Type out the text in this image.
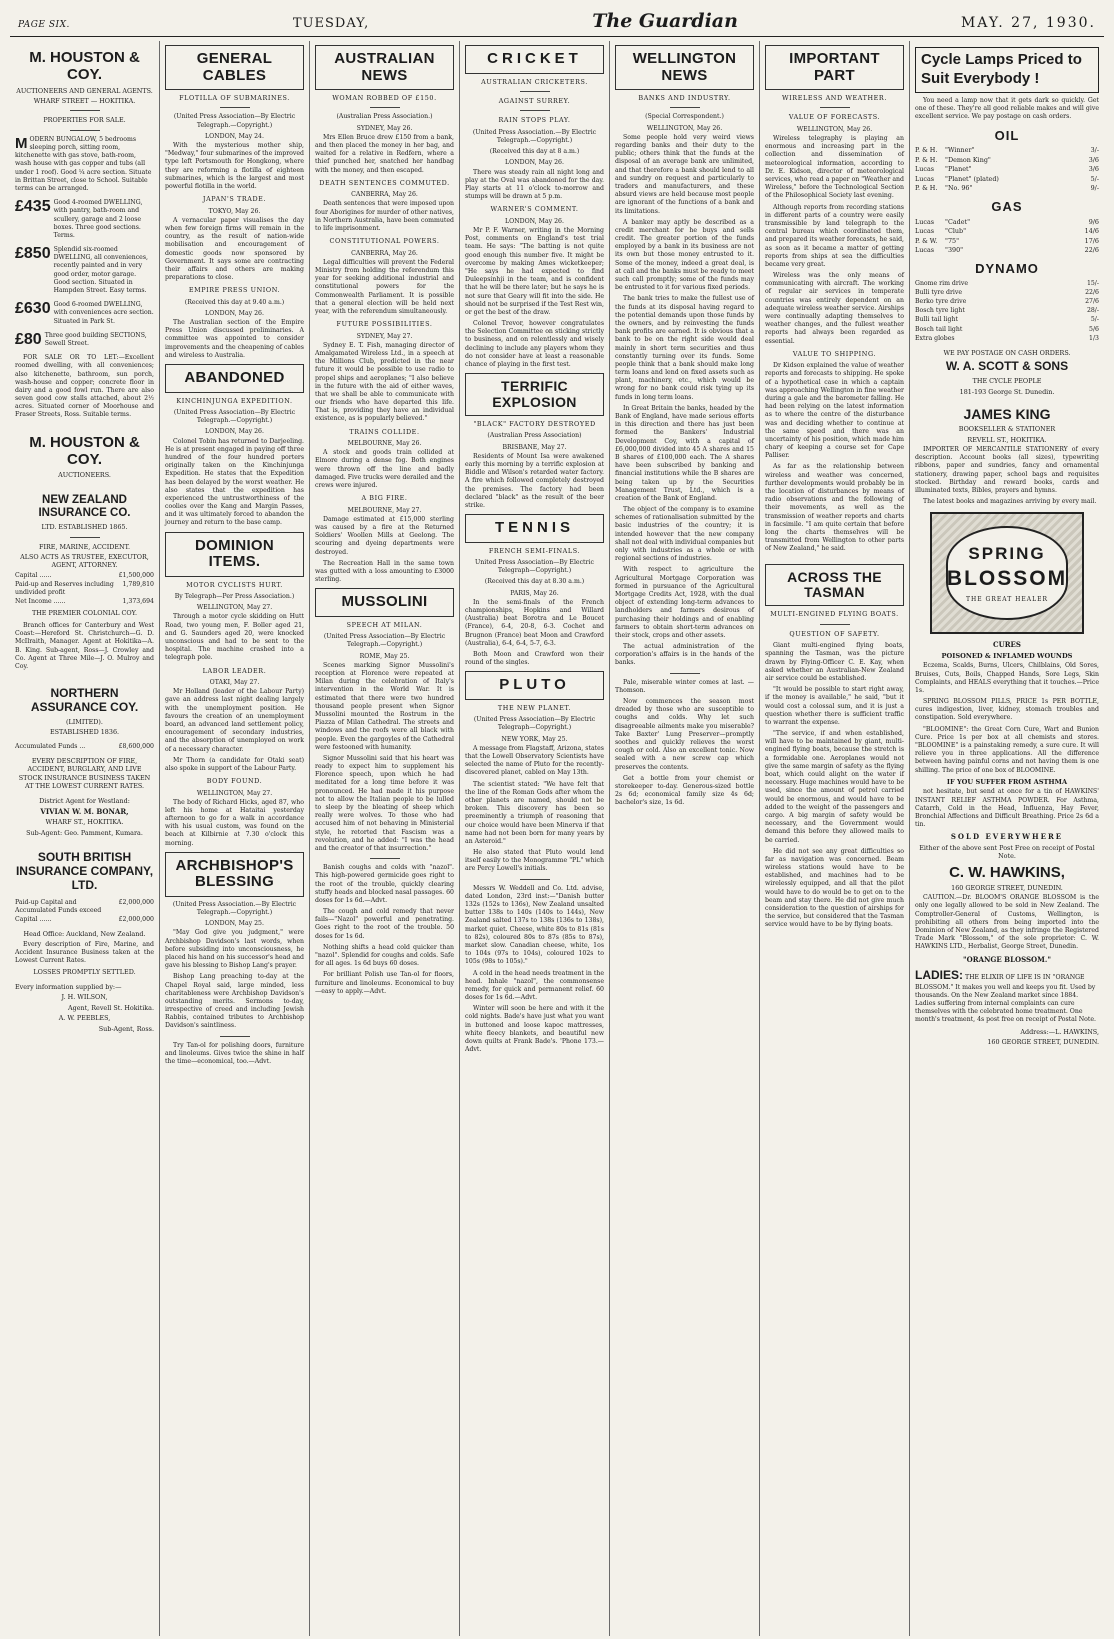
PAGE SIX.	TUESDAY,	The Guardian	MAY. 27, 1930.
M. HOUSTON & COY.
AUCTIONEERS AND GENERAL AGENTS.
WHARF STREET — HOKITIKA.
PROPERTIES FOR SALE.
MODERN BUNGALOW, 5 bedrooms sleeping porch, sitting room, kitchenette with gas stove, bath-room, wash house with gas copper and tubs (all under 1 roof). Good ¼ acre section. Situate in Brittan Street, close to School. Suitable terms can be arranged.
£435 Good 4-roomed DWELLING, with pantry, bath-room and scullery, garage and 2 loose boxes. Three good sections. Terms.
£850 Splendid six-roomed DWELLING, all conveniences, recently painted and in very good order, motor garage. Good section. Situated in Hampden Street. Easy terms.
£630 Good 6-roomed DWELLING, with conveniences acre section. Situated in Park St.
£80 Three good building SECTIONS, Sewell Street.

FOR SALE OR TO LET:—Excellent roomed dwelling, with all conveniences; also kitchenette, bathroom, sun porch, wash-house and copper; concrete floor in dairy and a good fowl run. There are also seven good cow stalls attached, about 2½ acres. Situated corner of Moorhouse and Fraser Streets, Ross. Suitable terms.

M. HOUSTON & COY.
AUCTIONEERS.
NEW ZEALAND INSURANCE CO.
LTD. ESTABLISHED 1865.
FIRE, MARINE, ACCIDENT.
ALSO ACTS AS TRUSTEE, EXECUTOR, AGENT, ATTORNEY.
Capital ......	£1,500,000
Paid-up and Reserves including undivided profit
1,789,810
Net Income ......	1,373,694
THE PREMIER COLONIAL COY.

Branch offices for Canterbury and West Coast:—Hereford St. Christchurch—G. D. McIlraith, Manager. Agent at Hokitika—A. B. King. Sub-agent, Ross—J. Crowley and Co. Agent at Three Mile—J. O. Mulroy and Coy.

NORTHERN ASSURANCE COY.
(LIMITED).
ESTABLISHED 1836.
Accumulated Funds ...	£8,600,000
EVERY DESCRIPTION OF FIRE, ACCIDENT, BURGLARY, AND LIVE STOCK INSURANCE BUSINESS TAKEN AT THE LOWEST CURRENT RATES.
District Agent for Westland:
VIVIAN W. M. BONAR,
WHARF ST., HOKITIKA.
Sub-Agent: Geo. Pamment, Kumara.
SOUTH BRITISH INSURANCE COMPANY, LTD.
Paid-up Capital and Accumulated Funds exceed
£2,000,000
Capital ......	£2,000,000
Head Office: Auckland, New Zealand.

Every description of Fire, Marine, and Accident Insurance Business taken at the Lowest Current Rates.

LOSSES PROMPTLY SETTLED.
Every information supplied by:—
J. H. WILSON,
Agent, Revell St. Hokitika.
A. W. PEEBLES,
Sub-Agent, Ross.
GENERAL CABLES
FLOTILLA OF SUBMARINES.
(United Press Association—By Electric Telegraph.—Copyright.)
LONDON, May 24.

With the mysterious mother ship, "Medway," four submarines of the improved type left Portsmouth for Hongkong, where they are reforming a flotilla of eighteen submarines, which is the largest and most powerful flotilla in the world.

JAPAN'S TRADE.
TOKYO, May 26.

A vernacular paper visualises the day when few foreign firms will remain in the country, as the result of nation-wide mobilisation and encouragement of domestic goods now sponsored by Government. It says some are contracting their affairs and others are making preparations to close.

EMPIRE PRESS UNION.
(Received this day at 9.40 a.m.)
LONDON, May 26.

The Australian section of the Empire Press Union discussed preliminaries. A committee was appointed to consider improvements and the cheapening of cables and wireless to Australia.

ABANDONED
KINCHINJUNGA EXPEDITION.
(United Press Association—By Electric Telegraph.—Copyright.)
LONDON, May 26.

Colonel Tobin has returned to Darjeeling. He is at present engaged in paying off three hundred of the four hundred porters originally taken on the Kinchinjunga Expedition. He states that the Expedition has been delayed by the worst weather. He also states that the expedition has experienced the untrustworthiness of the coolies over the Kang and Margin Passes, and it was ultimately forced to abandon the journey and return to the base camp.

DOMINION ITEMS.
MOTOR CYCLISTS HURT.
By Telegraph—Per Press Association.)
WELLINGTON, May 27.

Through a motor cycle skidding on Hutt Road, two young men, F. Boller aged 21, and G. Saunders aged 20, were knocked unconscious and had to be sent to the hospital. The machine crashed into a telegraph pole.

LABOR LEADER.
OTAKI, May 27.

Mr Holland (leader of the Labour Party) gave an address last night dealing largely with the unemployment position. He favours the creation of an unemployment board, an advanced land settlement policy, encouragement of secondary industries, and the absorption of unemployed on work of a necessary character.

Mr Thorn (a candidate for Otaki seat) also spoke in support of the Labour Party.

BODY FOUND.
WELLINGTON, May 27.

The body of Richard Hicks, aged 87, who left his home at Hataitai yesterday afternoon to go for a walk in accordance with his usual custom, was found on the beach at Kilbirnie at 7.30 o'clock this morning.

ARCHBISHOP'S BLESSING
(United Press Association.—By Electric Telegraph.—Copyright.)
LONDON, May 25.

"May God give you judgment," were Archbishop Davidson's last words, when before subsiding into unconsciousness, he placed his hand on his successor's head and gave his blessing to Bishop Lang's prayer.

Bishop Lang preaching to-day at the Chapel Royal said, large minded, less charitableness were Archbishop Davidson's outstanding merits. Sermons to-day, irrespective of creed and including Jewish Rabbis, contained tributes to Archbishop Davidson's saintliness.

Try Tan-ol for polishing doors, furniture and linoleums. Gives twice the shine in half the time—economical, too.—Advt.

AUSTRALIAN NEWS
WOMAN ROBBED OF £150.
(Australian Press Association.)
SYDNEY, May 26.

Mrs Ellen Bruce drew £150 from a bank, and then placed the money in her bag, and waited for a relative in Redfern, where a thief punched her, snatched her handbag with the money, and then escaped.

DEATH SENTENCES COMMUTED.
CANBERRA, May 26.

Death sentences that were imposed upon four Aborigines for murder of other natives, in Northern Australia, have been commuted to life imprisonment.

CONSTITUTIONAL POWERS.
CANBERRA, May 26.

Legal difficulties will prevent the Federal Ministry from holding the referendum this year for seeking additional industrial and constitutional powers for the Commonwealth Parliament. It is possible that a general election will be held next year, with the referendum simultaneously.

FUTURE POSSIBILITIES.
SYDNEY, May 27.

Sydney E. T. Fish, managing director of Amalgamated Wireless Ltd., in a speech at the Millions Club, predicted in the near future it would be possible to use radio to propel ships and aeroplanes; "I also believe in the future with the aid of either waves, that we shall be able to communicate with our friends who have departed this life. That is, providing they have an individual existence, as is popularly believed."

TRAINS COLLIDE.
MELBOURNE, May 26.

A stock and goods train collided at Elmore during a dense fog. Both engines were thrown off the line and badly damaged. Five trucks were derailed and the crews were injured.

A BIG FIRE.
MELBOURNE, May 27.

Damage estimated at £15,000 sterling was caused by a fire at the Returned Soldiers' Woollen Mills at Geelong. The scouring and dyeing departments were destroyed.

The Recreation Hall in the same town was gutted with a loss amounting to £3000 sterling.

MUSSOLINI
SPEECH AT MILAN.
(United Press Association—By Electric Telegraph.—Copyright.)
ROME, May 25.

Scenes marking Signor Mussolini's reception at Florence were repeated at Milan during the celebration of Italy's intervention in the World War. It is estimated that there were two hundred thousand people present when Signor Mussolini mounted the Rostrum in the Piazza of Milan Cathedral. The streets and windows and the roofs were all black with people. Even the gargoyles of the Cathedral were festooned with humanity.

Signor Mussolini said that his heart was ready to expect him to supplement his Florence speech, upon which he had meditated for a long time before it was pronounced. He had made it his purpose not to allow the Italian people to be lulled to sleep by the bleating of sheep which really were wolves. To those who had accused him of not behaving in Ministerial style, he retorted that Fascism was a revolution, and he added: "I was the head and the creator of that insurrection."

Banish coughs and colds with "nazol". This high-powered germicide goes right to the root of the trouble, quickly clearing stuffy heads and blocked nasal passages. 60 doses for 1s 6d.—Advt.

The cough and cold remedy that never fails—"Nazol" powerful and penetrating. Goes right to the root of the trouble. 50 doses for 1s 6d.

Nothing shifts a head cold quicker than "nazol". Splendid for coughs and colds. Safe for all ages. 1s 6d buys 60 doses.

For brilliant Polish use Tan-ol for floors, furniture and linoleums. Economical to buy—easy to apply.—Advt.

CRICKET
AUSTRALIAN CRICKETERS.
AGAINST SURREY.
RAIN STOPS PLAY.
(United Press Association.—By Electric Telegraph.—Copyright.)
(Received this day at 8 a.m.)
LONDON, May 26.

There was steady rain all night long and play at the Oval was abandoned for the day. Play starts at 11 o'clock to-morrow and stumps will be drawn at 5 p.m.

WARNER'S COMMENT.
LONDON, May 26.

Mr P. F. Warner, writing in the Morning Post, comments on England's test trial team. He says: "The batting is not quite good enough this number five. It might be overcome by making Ames wicketkeeper; "He says he had expected to find Duleepsinhji in the team, and is confident that he will be there later; but he says he is not sure that Geary will fit into the side. He should not be surprised if the Test Rest win, or get the best of the draw.

Colonel Trevor, however congratulates the Selection Committee on sticking strictly to business, and on relentlessly and wisely declining to include any players whom they do not consider have at least a reasonable chance of playing in the first test.

TERRIFIC EXPLOSION
"BLACK" FACTORY DESTROYED
(Australian Press Association)
BRISBANE, May 27.

Residents of Mount Isa were awakened early this morning by a terrific explosion at Biddle and Wilson's retarded water factory. A fire which followed completely destroyed the premises. The factory had been declared "black" as the result of the beer strike.

TENNIS
FRENCH SEMI-FINALS.
United Press Association—By Electric Telegraph—Copyright.)
(Received this day at 8.30 a.m.)
PARIS, May 26.

In the semi-finals of the French championships, Hopkins and Willard (Australia) beat Borotra and Le Boucet (France), 6-4, 20-8, 6-3. Cochet and Brugnon (France) beat Moon and Crawford (Australia), 6-4, 6-4, 5-7, 6-3.

Both Moon and Crawford won their round of the singles.

PLUTO
THE NEW PLANET.
(United Press Association—By Electric Telegraph—Copyright.)
NEW YORK, May 25.

A message from Flagstaff, Arizona, states that the Lowell Observatory Scientists have selected the name of Pluto for the recently-discovered planet, cabled on May 13th.

The scientist stated: "We have felt that the line of the Roman Gods after whom the other planets are named, should not be broken. This discovery has been so preeminently a triumph of reasoning that our choice would have been Minerva if that name had not been born for many years by an Asteroid."

He also stated that Pluto would lend itself easily to the Monogramme "PL" which are Percy Lowell's initials.

Messrs W. Weddell and Co. Ltd. advise, dated London, 23rd inst:—"Danish butter 132s (152s to 136s), New Zealand unsalted butter 138s to 140s (140s to 144s), New Zealand salted 137s to 138s (136s to 138s), market quiet. Cheese, white 80s to 81s (81s to 82s), coloured 80s to 87s (85s to 87s), market slow. Canadian cheese, white, 1os to 104s (97s to 104s), coloured 102s to 105s (98s to 105s)."

A cold in the head needs treatment in the head. Inhale "nazol", the commonsense remedy, for quick and permanent relief. 60 doses for 1s 6d.—Advt.

Winter will soon be here and with it the cold nights. Bade's have just what you want in buttoned and loose kapoc mattresses, white fleecy blankets, and beautiful new down quilts at Frank Bade's. 'Phone 173.—Advt.

WELLINGTON NEWS
BANKS AND INDUSTRY.
(Special Correspondent.)
WELLINGTON, May 26.

Some people hold very weird views regarding banks and their duty to the public; others think that the funds at the disposal of an average bank are unlimited, and that therefore a bank should lend to all and sundry on request and particularly to traders and manufacturers, and these absurd views are held because most people are ignorant of the functions of a bank and its limitations.

A banker may aptly be described as a credit merchant for he buys and sells credit. The greater portion of the funds employed by a bank in its business are not its own but those money entrusted to it. Some of the money, indeed a great deal, is at call and the banks must be ready to meet such call promptly; some of the funds may be entrusted to it for various fixed periods.

The bank tries to make the fullest use of the funds at its disposal having regard to the potential demands upon those funds by the owners, and by reinvesting the funds bank profits are earned. It is obvious that a bank to be on the right side would deal mainly in short term securities and thus constantly turning over its funds. Some people think that a bank should make long term loans and lend on fixed assets such as plant, machinery, etc., which would be wrong for no bank could risk tying up its funds in long term loans.

In Great Britain the banks, headed by the Bank of England, have made serious efforts in this direction and there has just been formed the Bankers' Industrial Development Coy, with a capital of £6,000,000 divided into 45 A shares and 15 B shares of £100,000 each. The A shares have been subscribed by banking and financial institutions while the B shares are being taken up by the Securities Management Trust, Ltd., which is a creation of the Bank of England.

The object of the company is to examine schemes of rationalisation submitted by the basic industries of the country; it is intended however that the new company shall not deal with individual companies but only with industries as a whole or with regional sections of industries.

With respect to agriculture the Agricultural Mortgage Corporation was formed in pursuance of the Agricultural Mortgage Credits Act, 1928, with the dual object of extending long-term advances to landholders and farmers desirous of purchasing their holdings and of enabling farmers to obtain short-term advances on their stock, crops and other assets.

The actual administration of the corporation's affairs is in the hands of the banks.

Pale, miserable winter comes at last. —Thomson.

Now commences the season most dreaded by those who are susceptible to coughs and colds. Why let such disagreeable ailments make you miserable? Take Baxter' Lung Preserver—promptly soothes and quickly relieves the worst cough or cold. Also an excellent tonic. Now sealed with a new screw cap which preserves the contents.

Get a bottle from your chemist or storekeeper to-day. Generous-sized bottle 2s 6d; economical family size 4s 6d; bachelor's size, 1s 6d.

IMPORTANT PART
WIRELESS AND WEATHER.
VALUE OF FORECASTS.
WELLINGTON, May 26.

Wireless telegraphy is playing an enormous and increasing part in the collection and dissemination of meteorological information, according to Dr. E. Kidson, director of meteorological services, who read a paper on "Weather and Wireless," before the Technological Section of the Philosophical Society last evening.

Although reports from recording stations in different parts of a country were easily transmissible by land telegraph to the central bureau which coordinated them, and prepared its weather forecasts, he said, as soon as it became a matter of getting reports from ships at sea the difficulties became very great.

Wireless was the only means of communicating with aircraft. The working of regular air services in temperate countries was entirely dependent on an adequate wireless weather service. Airships were continually adapting themselves to weather changes, and the fullest weather reports had always been regarded as essential.

VALUE TO SHIPPING.

Dr Kidson explained the value of weather reports and forecasts to shipping. He spoke of a hypothetical case in which a captain was approaching Wellington in fine weather during a gale and the barometer falling. He had been relying on the latest information as to where the centre of the disturbance was and deciding whether to continue at the same speed and there was an uncertainty of his position, which made him chary of keeping a course set for Cape Palliser.

As far as the relationship between wireless and weather was concerned, further developments would probably be in the location of disturbances by means of radio observations and the following of their movements, as well as the transmission of weather reports and charts in facsimile. "I am quite certain that before long the charts themselves will be transmitted from Wellington to other parts of New Zealand," he said.

ACROSS THE TASMAN
MULTI-ENGINED FLYING BOATS.
QUESTION OF SAFETY.

Giant multi-engined flying boats, spanning the Tasman, was the picture drawn by Flying-Officer C. E. Kay, when asked whether an Australian-New Zealand air service could be established.

"It would be possible to start right away, if the money is available," he said, "but it would cost a colossal sum, and it is just a question whether there is sufficient traffic to warrant the expense.

"The service, if and when established, will have to be maintained by giant, multi-engined flying boats, because the stretch is a formidable one. Aeroplanes would not give the same margin of safety as the flying boat, which could alight on the water if necessary. Huge machines would have to be used, since the amount of petrol carried would be enormous, and would have to be added to the weight of the passengers and cargo. A big margin of safety would be necessary, and the Government would demand this before they allowed mails to be carried.

He did not see any great difficulties so far as navigation was concerned. Beam wireless stations would have to be established, and machines had to be wirelessly equipped, and all that the pilot would have to do would be to get on to the beam and stay there. He did not give much consideration to the question of airships for the service, but considered that the Tasman service would have to be by flying boats.

Cycle Lamps Priced to Suit Everybody !

You need a lamp now that it gets dark so quickly. Get one of these. They're all good reliable makes and will give excellent service. We pay postage on cash orders.

OIL
P. & H.	"Winner"	3/-
P. & H.	"Demon King"	3/6
Lucas	"Planet"	3/6
Lucas	"Planet" (plated)	5/-
P. & H.	"No. 96"	9/-
GAS
Lucas	"Cadet"	9/6
Lucas	"Club"	14/6
P. & W.	"75"	17/6
Lucas	"390"	22/6
DYNAMO
Gnome rim drive	15/-
Bulli tyre drive	22/6
Berko tyre drive	27/6
Bosch tyre light	28/-
Bulli tail light	5/-
Bosch tail light	5/6
Extra globes	1/3
WE PAY POSTAGE ON CASH ORDERS.
W. A. SCOTT & SONS
THE CYCLE PEOPLE
181-193 George St. Dunedin.
JAMES KING
BOOKSELLER & STATIONER
REVELL ST., HOKITIKA.

IMPORTER OF MERCANTILE STATIONERY of every description. Account books (all sizes), typewriting ribbons, paper and sundries, fancy and ornamental stationery, drawing paper, school bags and requisites stocked. Birthday and reward books, cards and illuminated texts, Bibles, prayers and hymns.

The latest books and magazines arriving by every mail.

SPRING
BLOSSOM
THE GREAT HEALER
CURES
POISONED & INFLAMED WOUNDS

Eczema, Scalds, Burns, Ulcers, Chilblains, Old Sores, Bruises, Cuts, Boils, Chapped Hands, Sore Legs, Skin Complaints, and HEALS everything that it touches.—Price 1s.

SPRING BLOSSOM PILLS, PRICE 1s PER BOTTLE, cures indigestion, liver, kidney, stomach troubles and constipation. Sold everywhere.

"BLOOMINE": the Great Corn Cure, Wart and Bunion Cure. Price 1s per box at all chemists and stores. "BLOOMINE" is a painstaking remedy, a sure cure. It will relieve you in three applications. All the difference between having painful corns and not having them is one shilling. The price of one box of BLOOMINE.

IF YOU SUFFER FROM ASTHMA

not hesitate, but send at once for a tin of HAWKINS' INSTANT RELIEF ASTHMA POWDER. For Asthma, Catarrh, Cold in the Head, Influenza, Hay Fever, Bronchial Affections and Difficult Breathing. Price 2s 6d a tin.

SOLD EVERYWHERE
Either of the above sent Post Free on receipt of Postal Note.
C. W. HAWKINS,
160 GEORGE STREET, DUNEDIN.

CAUTION.—Dr. BLOOM'S ORANGE BLOSSOM is the only one legally allowed to be sold in New Zealand. The Comptroller-General of Customs, Wellington, is prohibiting all others from being imported into the Dominion of New Zealand, as they infringe the Registered Trade Mark "Blossom," of the sole proprietor: C. W. HAWKINS LTD., Herbalist, George Street, Dunedin.

"ORANGE BLOSSOM."
LADIES: THE ELIXIR OF LIFE IS IN "ORANGE BLOSSOM." It makes you well and keeps you fit. Used by thousands. On the New Zealand market since 1884. Ladies suffering from internal complaints can cure themselves with the celebrated home treatment. One month's treatment, 4s post free on receipt of Postal Note.
Address:—L. HAWKINS,
160 GEORGE STREET, DUNEDIN.
